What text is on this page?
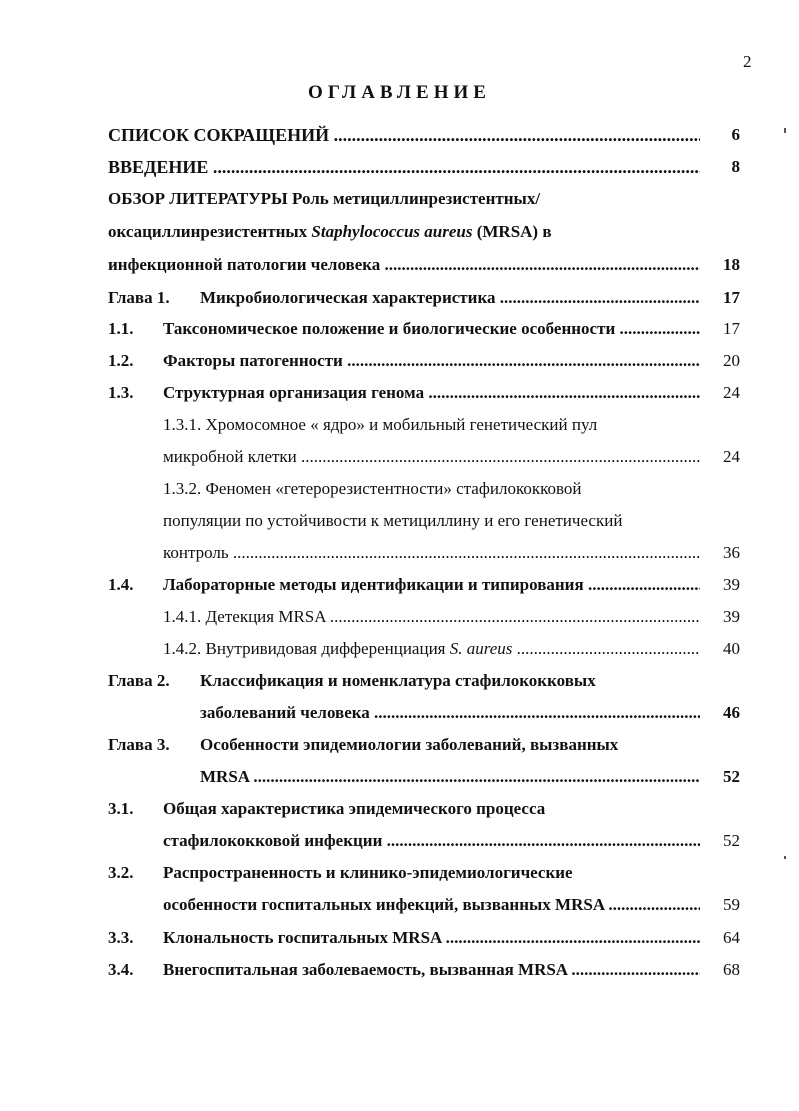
2
ОГЛАВЛЕНИЕ
СПИСОК СОКРАЩЕНИЙ .....	6
ВВЕДЕНИЕ .....	8
ОБЗОР ЛИТЕРАТУРЫ Роль метициллинрезистентных/
оксациллинрезистентных Staphylococcus aureus (MRSA) в
инфекционной патологии человека .....	18
Глава 1. Микробиологическая характеристика .....	17
1.1. Таксономическое положение и биологические особенности .....	17
1.2. Факторы патогенности .....	20
1.3. Структурная организация генома .....	24
1.3.1. Хромосомное « ядро» и мобильный генетический пул
микробной клетки .....	24
1.3.2. Феномен «гетерорезистентности» стафилококковой
популяции по устойчивости к метициллину и его генетический
контроль .....	36
1.4. Лабораторные методы идентификации и типирования .....	39
1.4.1. Детекция MRSA .....	39
1.4.2. Внутривидовая дифференциация S. aureus .....	40
Глава 2. Классификация и номенклатура стафилококковых
заболеваний человека .....	46
Глава 3. Особенности эпидемиологии заболеваний, вызванных
MRSA .....	52
3.1. Общая характеристика эпидемического процесса
стафилококковой инфекции .....	52
3.2. Распространенность и клинико-эпидемиологические
особенности госпитальных инфекций, вызванных MRSA .....	59
3.3. Клональность госпитальных MRSA .....	64
3.4. Внегоспитальная заболеваемость, вызванная MRSA .....	68
